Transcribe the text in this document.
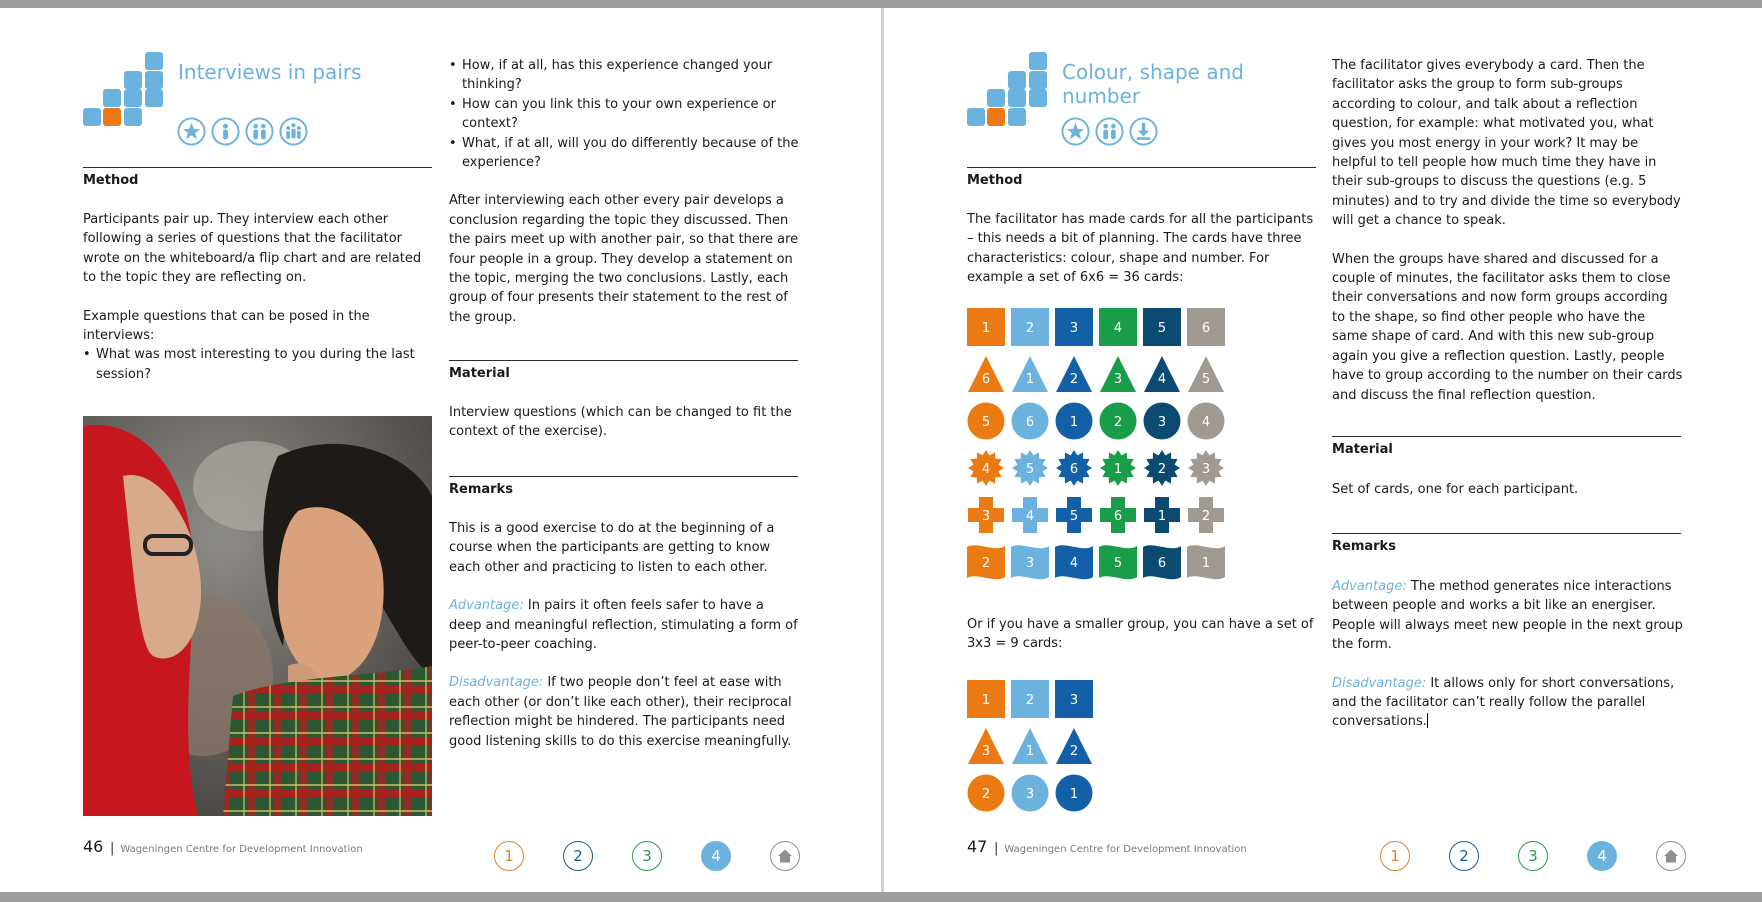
Interviews in pairs
Method

Participants pair up. They interview each other following a series of questions that the facilitator wrote on the whiteboard/a flip chart and are related to the topic they are reflecting on.

Example questions that can be posed in the interviews:

• What was most interesting to you during the last session?
• How, if at all, has this experience changed your thinking?
• How can you link this to your own experience or context?
• What, if at all, will you do differently because of the experience?

After interviewing each other every pair develops a conclusion regarding the topic they discussed. Then the pairs meet up with another pair, so that there are four people in a group. They develop a statement on the topic, merging the two conclusions. Lastly, each group of four presents their statement to the rest of the group.

Material

Interview questions (which can be changed to fit the context of the exercise).

Remarks

This is a good exercise to do at the beginning of a course when the participants are getting to know each other and practicing to listen to each other.

Advantage: In pairs it often feels safer to have a deep and meaningful reflection, stimulating a form of peer-to-peer coaching.

Disadvantage: If two people don’t feel at ease with each other (or don’t like each other), their reciprocal reflection might be hindered. The participants need good listening skills to do this exercise meaningfully.

46 | Wageningen Centre for Development Innovation	1	2	3	4
Colour, shape and
number
Method

The facilitator has made cards for all the participants – this needs a bit of planning. The cards have three characteristics: colour, shape and number. For example a set of 6x6 = 36 cards:

1	2	3	4	5	6
6	1	2	3	4	5
5	6	1	2	3	4
4	5	6	1	2	3
3	4	5	6	1	2
2	3	4	5	6	1

Or if you have a smaller group, you can have a set of 3x3 = 9 cards:

1	2	3
3	1	2
2	3	1

The facilitator gives everybody a card. Then the facilitator asks the group to form sub-groups according to colour, and talk about a reflection question, for example: what motivated you, what gives you most energy in your work? It may be helpful to tell people how much time they have in their sub-groups to discuss the questions (e.g. 5 minutes) and to try and divide the time so everybody will get a chance to speak.

When the groups have shared and discussed for a couple of minutes, the facilitator asks them to close their conversations and now form groups according to the shape, so find other people who have the same shape of card. And with this new sub-group again you give a reflection question. Lastly, people have to group according to the number on their cards and discuss the final reflection question.

Material

Set of cards, one for each participant.

Remarks

Advantage: The method generates nice interactions between people and works a bit like an energiser. People will always meet new people in the next group the form.

Disadvantage: It allows only for short conversations, and the facilitator can’t really follow the parallel conversations.

47 | Wageningen Centre for Development Innovation	1	2	3	4
